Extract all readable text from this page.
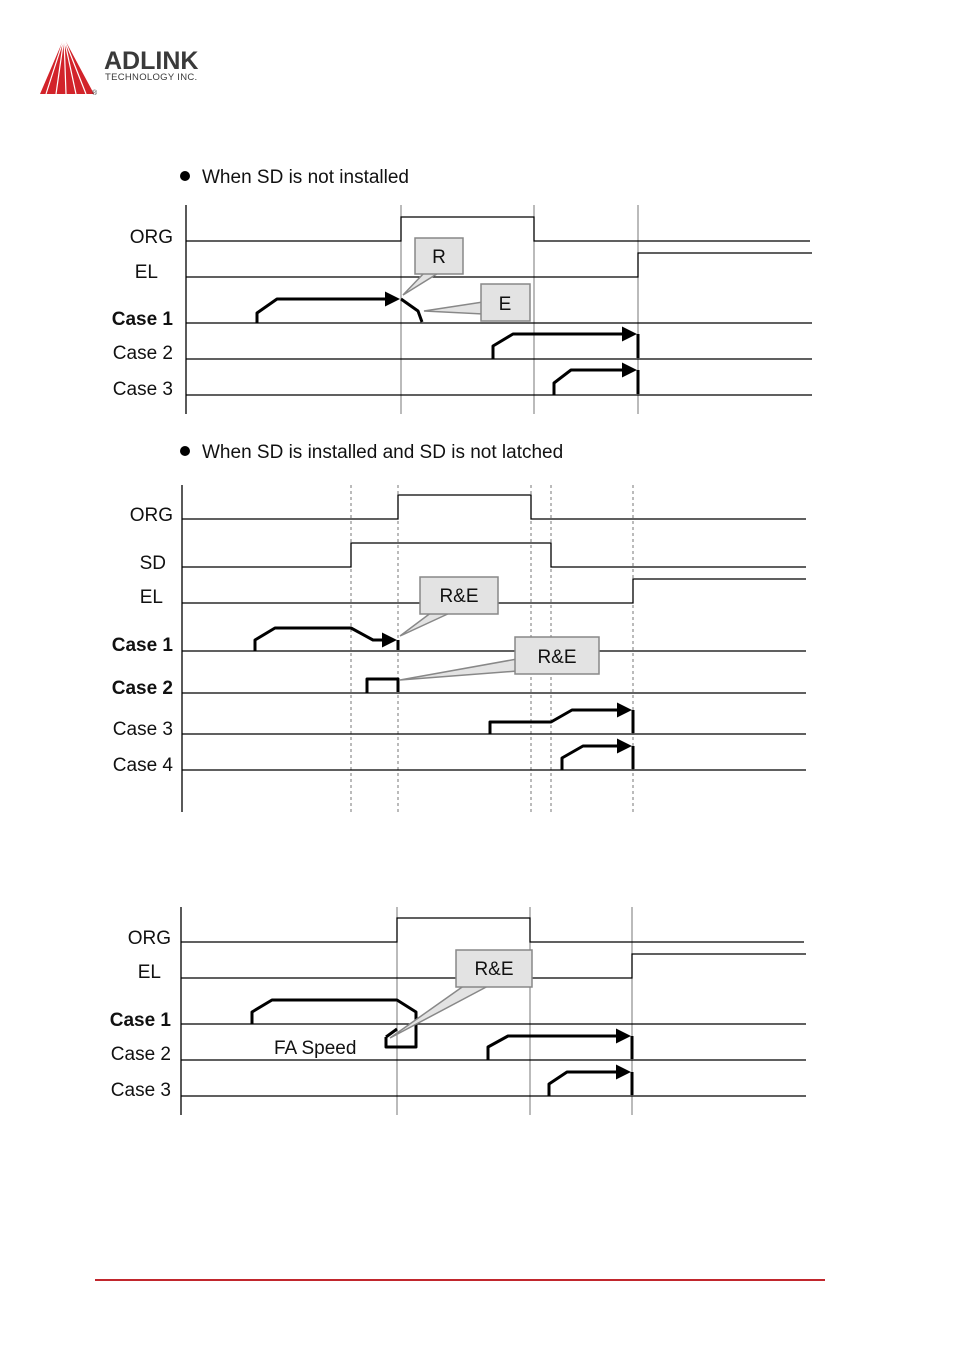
ADLINK
TECHNOLOGY INC.
®
When SD is not installed
ORG
EL
Case 1
Case 2
Case 3
R
E
When SD is installed and SD is not latched
ORG
SD
EL
Case 1
Case 2
Case 3
Case 4
R&E
R&E
ORG
EL
Case 1
Case 2
Case 3
R&E
FA Speed
